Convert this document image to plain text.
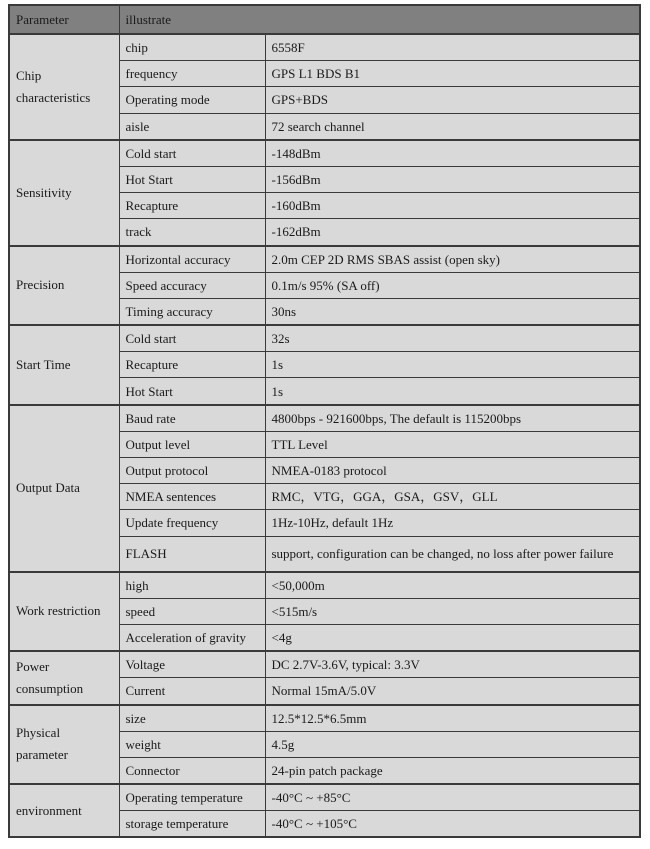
Parameter	illustrate	
Chip characteristics	chip	6558F
	frequency	GPS L1 BDS B1
	Operating mode	GPS+BDS
	aisle	72 search channel
Sensitivity	Cold start	-148dBm
	Hot Start	-156dBm
	Recapture	-160dBm
	track	-162dBm
Precision	Horizontal accuracy	2.0m CEP 2D RMS SBAS assist (open sky)
	Speed accuracy	0.1m/s 95% (SA off)
	Timing accuracy	30ns
Start Time	Cold start	32s
	Recapture	1s
	Hot Start	1s
Output Data	Baud rate	4800bps - 921600bps, The default is 115200bps
	Output level	TTL Level
	Output protocol	NMEA-0183 protocol
	NMEA sentences	RMC，VTG，GGA，GSA，GSV，GLL
	Update frequency	1Hz-10Hz, default 1Hz
	FLASH	support, configuration can be changed, no loss after power failure
Work restriction	high	<50,000m
	speed	<515m/s
	Acceleration of gravity	<4g
Power consumption	Voltage	DC 2.7V-3.6V, typical: 3.3V
	Current	Normal 15mA/5.0V
Physical parameter	size	12.5*12.5*6.5mm
	weight	4.5g
	Connector	24-pin patch package
environment	Operating temperature	-40°C ~ +85°C
	storage temperature	-40°C ~ +105°C
